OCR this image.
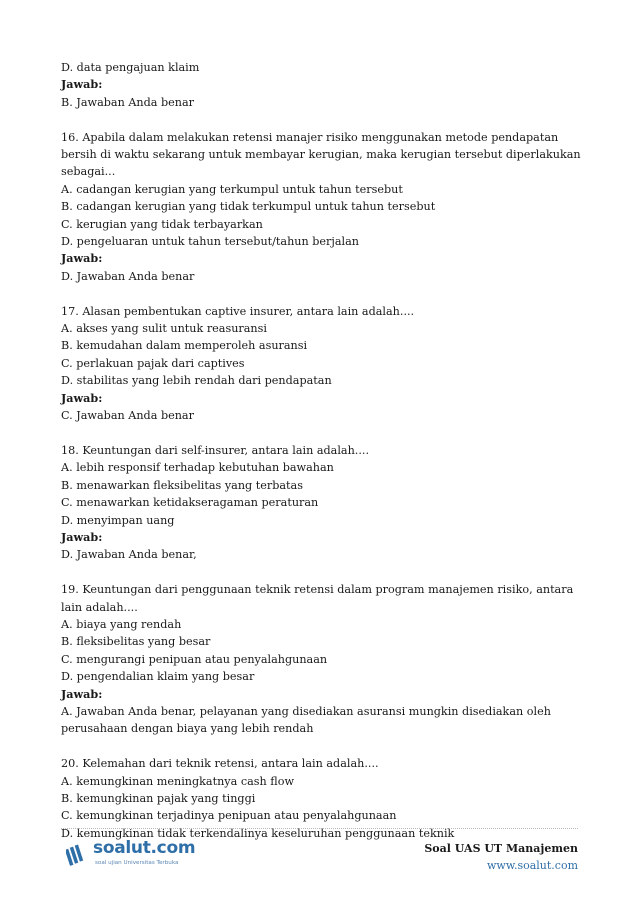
D. data pengajuan klaim
Jawab:
B. Jawaban Anda benar
16. Apabila dalam melakukan retensi manajer risiko menggunakan metode pendapatan bersih di waktu sekarang untuk membayar kerugian, maka kerugian tersebut diperlakukan sebagai...
A. cadangan kerugian yang terkumpul untuk tahun tersebut
B. cadangan kerugian yang tidak terkumpul untuk tahun tersebut
C. kerugian yang tidak terbayarkan
D. pengeluaran untuk tahun tersebut/tahun berjalan
Jawab:
D. Jawaban Anda benar
17. Alasan pembentukan captive insurer, antara lain adalah....
A. akses yang sulit untuk reasuransi
B. kemudahan dalam memperoleh asuransi
C. perlakuan pajak dari captives
D. stabilitas yang lebih rendah dari pendapatan
Jawab:
C. Jawaban Anda benar
18. Keuntungan dari self-insurer, antara lain adalah....
A. lebih responsif terhadap kebutuhan bawahan
B. menawarkan fleksibelitas yang terbatas
C. menawarkan ketidakseragaman peraturan
D. menyimpan uang
Jawab:
D. Jawaban Anda benar,
19. Keuntungan dari penggunaan teknik retensi dalam program manajemen risiko, antara lain adalah....
A. biaya yang rendah
B. fleksibelitas yang besar
C. mengurangi penipuan atau penyalahgunaan
D. pengendalian klaim yang besar
Jawab:
A. Jawaban Anda benar, pelayanan yang disediakan asuransi mungkin disediakan oleh perusahaan dengan biaya yang lebih rendah
20. Kelemahan dari teknik retensi, antara lain adalah....
A. kemungkinan meningkatnya cash flow
B. kemungkinan pajak yang tinggi
C. kemungkinan terjadinya penipuan atau penyalahgunaan
D. kemungkinan tidak terkendalinya keseluruhan penggunaan teknik
soalut.com
soal ujian Universitas Terbuka
Soal UAS UT Manajemen
www.soalut.com
